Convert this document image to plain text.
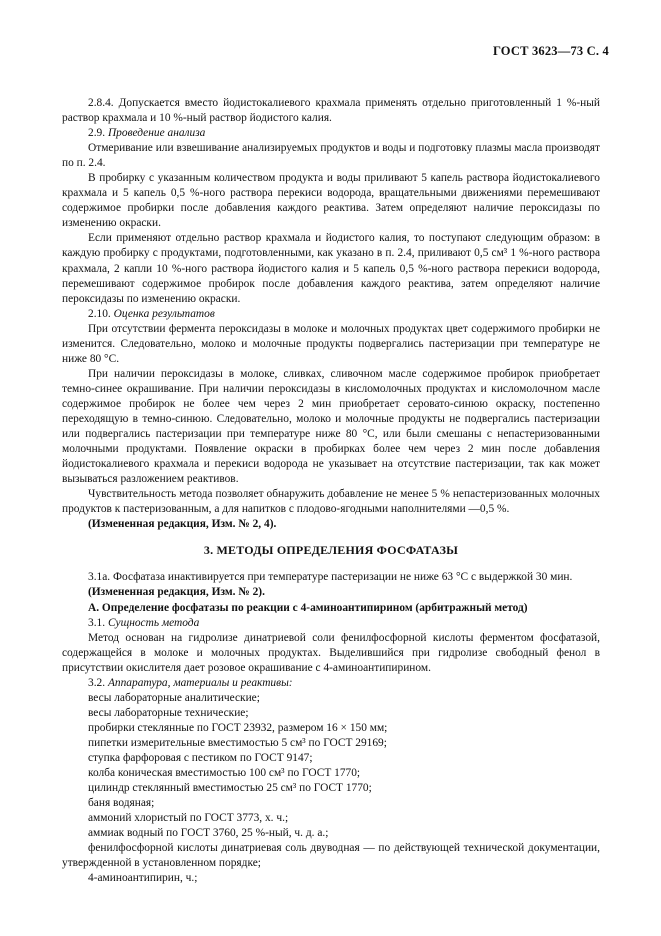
ГОСТ 3623—73 С. 4

2.8.4. Допускается вместо йодистокалиевого крахмала применять отдельно приготовленный 1 %-ный раствор крахмала и 10 %-ный раствор йодистого калия.

2.9. Проведение анализа

Отмеривание или взвешивание анализируемых продуктов и воды и подготовку плазмы масла производят по п. 2.4.

В пробирку с указанным количеством продукта и воды приливают 5 капель раствора йодистокалиевого крахмала и 5 капель 0,5 %-ного раствора перекиси водорода, вращательными движениями перемешивают содержимое пробирки после добавления каждого реактива. Затем определяют наличие пероксидазы по изменению окраски.

Если применяют отдельно раствор крахмала и йодистого калия, то поступают следующим образом: в каждую пробирку с продуктами, подготовленными, как указано в п. 2.4, приливают 0,5 см³ 1 %-ного раствора крахмала, 2 капли 10 %-ного раствора йодистого калия и 5 капель 0,5 %-ного раствора перекиси водорода, перемешивают содержимое пробирок после добавления каждого реактива, затем определяют наличие пероксидазы по изменению окраски.

2.10. Оценка результатов

При отсутствии фермента пероксидазы в молоке и молочных продуктах цвет содержимого пробирки не изменится. Следовательно, молоко и молочные продукты подвергались пастеризации при температуре не ниже 80 °С.

При наличии пероксидазы в молоке, сливках, сливочном масле содержимое пробирок приобретает темно-синее окрашивание. При наличии пероксидазы в кисломолочных продуктах и кисломолочном масле содержимое пробирок не более чем через 2 мин приобретает серовато-синюю окраску, постепенно переходящую в темно-синюю. Следовательно, молоко и молочные продукты не подвергались пастеризации или подвергались пастеризации при температуре ниже 80 °С, или были смешаны с непастеризованными молочными продуктами. Появление окраски в пробирках более чем через 2 мин после добавления йодистокалиевого крахмала и перекиси водорода не указывает на отсутствие пастеризации, так как может вызываться разложением реактивов.

Чувствительность метода позволяет обнаружить добавление не менее 5 % непастеризованных молочных продуктов к пастеризованным, а для напитков с плодово-ягодными наполнителями —0,5 %.

(Измененная редакция, Изм. № 2, 4).

3. МЕТОДЫ ОПРЕДЕЛЕНИЯ ФОСФАТАЗЫ

3.1а. Фосфатаза инактивируется при температуре пастеризации не ниже 63 °С с выдержкой 30 мин.

(Измененная редакция, Изм. № 2).

А. Определение фосфатазы по реакции с 4-аминоантипирином (арбитражный метод)

3.1. Сущность метода

Метод основан на гидролизе динатриевой соли фенилфосфорной кислоты ферментом фосфатазой, содержащейся в молоке и молочных продуктах. Выделившийся при гидролизе свободный фенол в присутствии окислителя дает розовое окрашивание с 4-аминоантипирином.

3.2. Аппаратура, материалы и реактивы:

весы лабораторные аналитические;

весы лабораторные технические;

пробирки стеклянные по ГОСТ 23932, размером 16 × 150 мм;

пипетки измерительные вместимостью 5 см³ по ГОСТ 29169;

ступка фарфоровая с пестиком по ГОСТ 9147;

колба коническая вместимостью 100 см³ по ГОСТ 1770;

цилиндр стеклянный вместимостью 25 см³ по ГОСТ 1770;

баня водяная;

аммоний хлористый по ГОСТ 3773, х. ч.;

аммиак водный по ГОСТ 3760, 25 %-ный, ч. д. а.;

фенилфосфорной кислоты динатриевая соль двуводная — по действующей технической документации, утвержденной в установленном порядке;

4-аминоантипирин, ч.;
